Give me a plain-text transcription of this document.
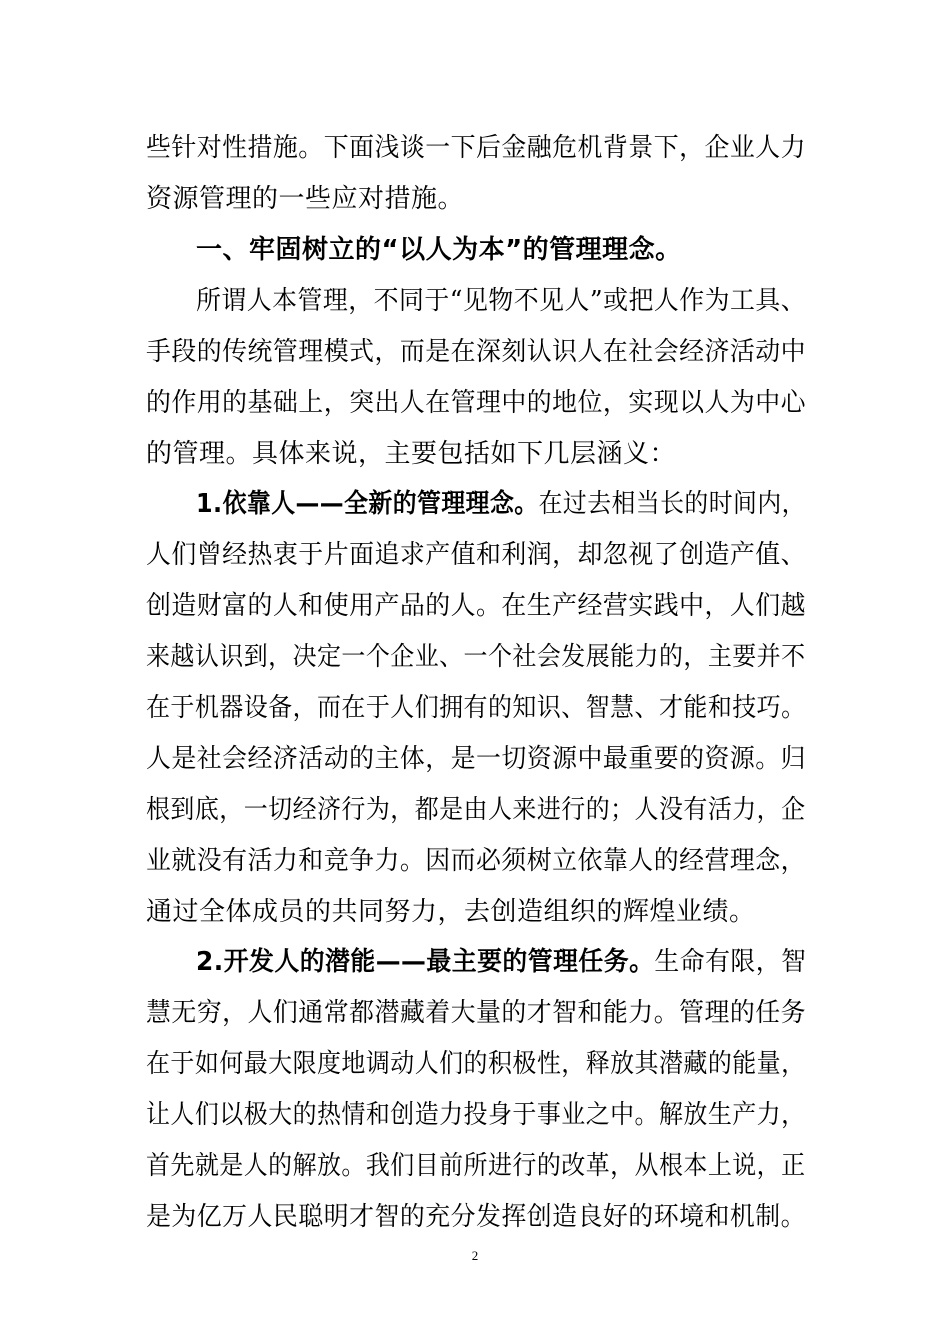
些针对性措施。下面浅谈一下后金融危机背景下，企业人力
资源管理的一些应对措施。
一、牢固树立的“以人为本”的管理理念。
所谓人本管理，不同于“见物不见人”或把人作为工具、
手段的传统管理模式，而是在深刻认识人在社会经济活动中
的作用的基础上，突出人在管理中的地位，实现以人为中心
的管理。具体来说，主要包括如下几层涵义：
1.依靠人——全新的管理理念。在过去相当长的时间内，
人们曾经热衷于片面追求产值和利润，却忽视了创造产值、
创造财富的人和使用产品的人。在生产经营实践中，人们越
来越认识到，决定一个企业、一个社会发展能力的，主要并不
在于机器设备，而在于人们拥有的知识、智慧、才能和技巧。
人是社会经济活动的主体，是一切资源中最重要的资源。归
根到底，一切经济行为，都是由人来进行的；人没有活力，企
业就没有活力和竞争力。因而必须树立依靠人的经营理念，
通过全体成员的共同努力，去创造组织的辉煌业绩。
2.开发人的潜能——最主要的管理任务。生命有限，智
慧无穷，人们通常都潜藏着大量的才智和能力。管理的任务
在于如何最大限度地调动人们的积极性，释放其潜藏的能量，
让人们以极大的热情和创造力投身于事业之中。解放生产力，
首先就是人的解放。我们目前所进行的改革，从根本上说，正
是为亿万人民聪明才智的充分发挥创造良好的环境和机制。
2
